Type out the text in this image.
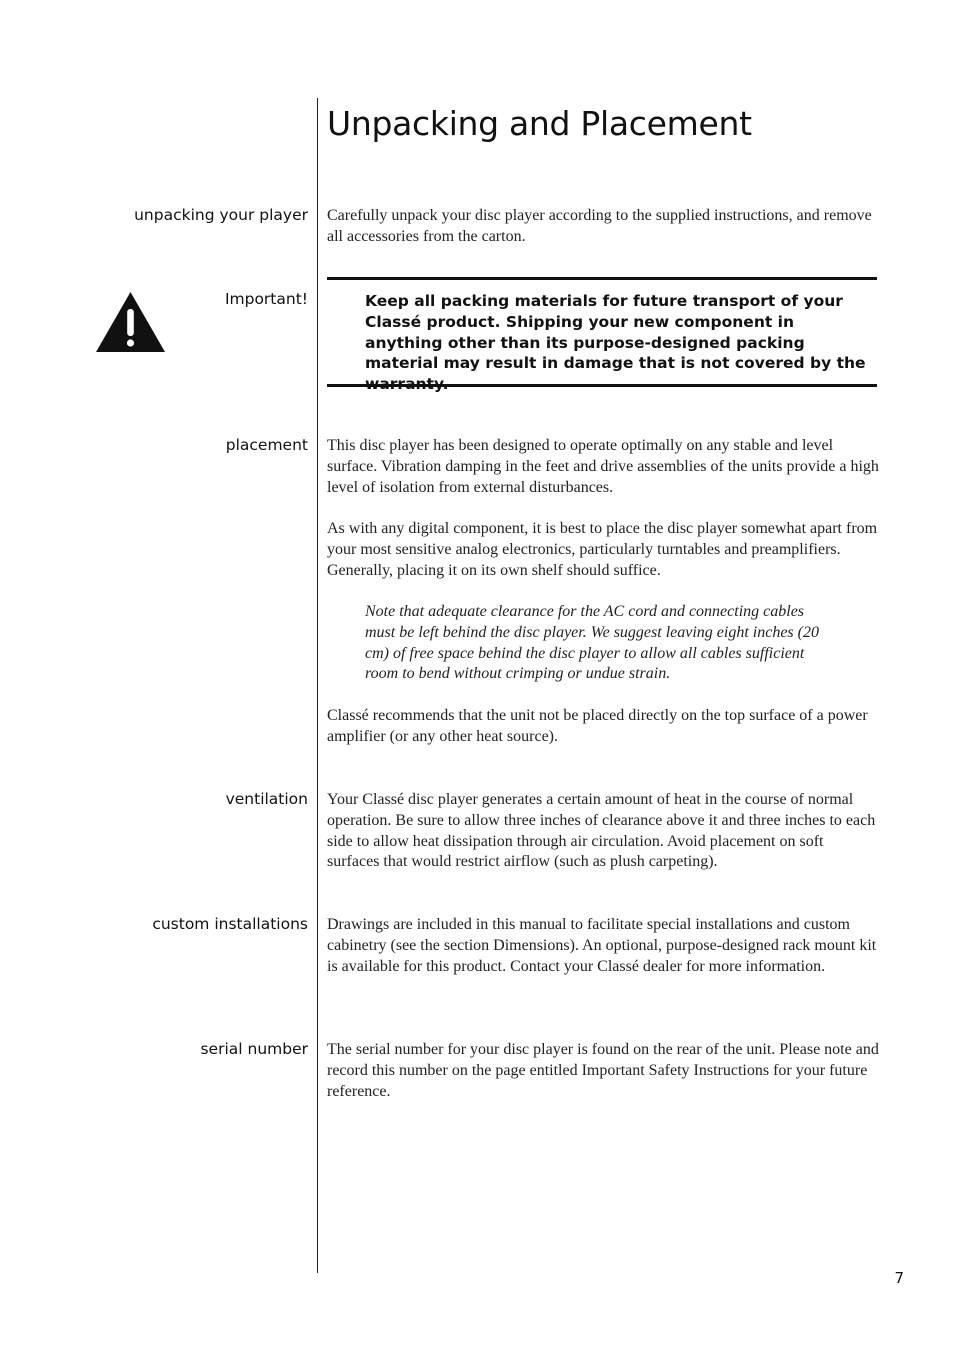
Unpacking and Placement
unpacking your player Carefully unpack your disc player according to the supplied instructions, and remove all accessories from the carton.

Important!	Keep all packing materials for future transport of your Classé product. Shipping your new component in anything other than its purpose-designed packing material may result in damage that is not covered by the warranty.

placement This disc player has been designed to operate optimally on any stable and level surface. Vibration damping in the feet and drive assemblies of the units provide a high level of isolation from external disturbances.

As with any digital component, it is best to place the disc player somewhat apart from your most sensitive analog electronics, particularly turntables and preamplifiers. Generally, placing it on its own shelf should suffice.

Note that adequate clearance for the AC cord and connecting cables must be left behind the disc player. We suggest leaving eight inches (20 cm) of free space behind the disc player to allow all cables sufficient room to bend without crimping or undue strain.

Classé recommends that the unit not be placed directly on the top surface of a power amplifier (or any other heat source).

ventilation Your Classé disc player generates a certain amount of heat in the course of normal operation. Be sure to allow three inches of clearance above it and three inches to each side to allow heat dissipation through air circulation. Avoid placement on soft surfaces that would restrict airflow (such as plush carpeting).

custom installations Drawings are included in this manual to facilitate special installations and custom cabinetry (see the section Dimensions). An optional, purpose-designed rack mount kit is available for this product. Contact your Classé dealer for more information.

serial number The serial number for your disc player is found on the rear of the unit. Please note and record this number on the page entitled Important Safety Instructions for your future reference.

7
